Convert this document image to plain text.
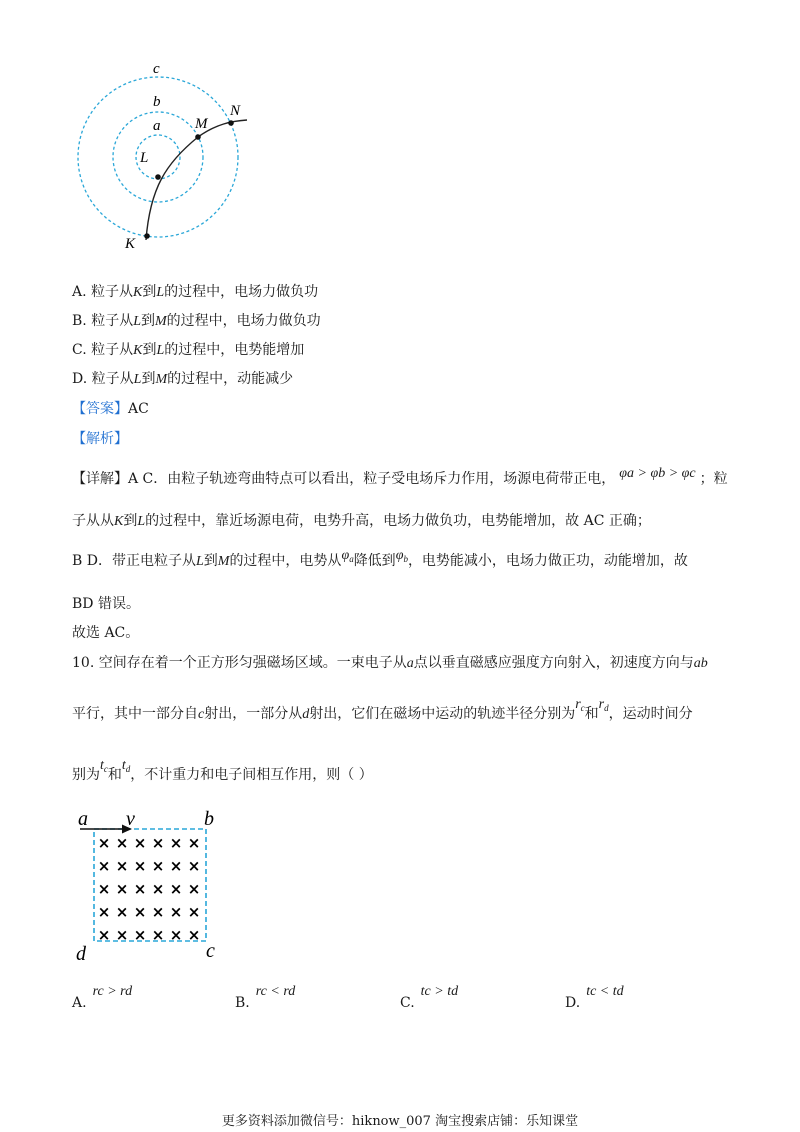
c
b
a M
N
L
K
A. 粒子从K到L的过程中，电场力做负功
B. 粒子从L到M的过程中，电场力做负功
C. 粒子从K到L的过程中，电势能增加
D. 粒子从L到M的过程中，动能减少
【答案】AC
【解析】
【详解】A C．由粒子轨迹弯曲特点可以看出，粒子受电场斥力作用，场源电荷带正电， φa > φb > φc ；粒
子从从K到L的过程中，靠近场源电荷，电势升高，电场力做负功，电势能增加，故 AC 正确；
B D．带正电粒子从L到M的过程中，电势从$\varphi_a$降低到$\varphi_b$，电势能减小，电场力做正功，动能增加，故
BD 错误。
故选 AC。
10. 空间存在着一个正方形匀强磁场区域。一束电子从a点以垂直磁感应强度方向射入，初速度方向与ab
平行，其中一部分自c射出，一部分从d射出，它们在磁场中运动的轨迹半径分别为$r_c$和$r_d$，运动时间分
别为$t_c$和$t_d$，不计重力和电子间相互作用，则（ ）
× × × × × ×
× × × × × ×
× × × × × ×
× × × × × ×
× × × × × ×
a v	b
d	c
A.rc > rd
B.rc < rd
C.tc > td
D.tc < td
更多资料添加微信号：hiknow_007 淘宝搜索店铺：乐知课堂
